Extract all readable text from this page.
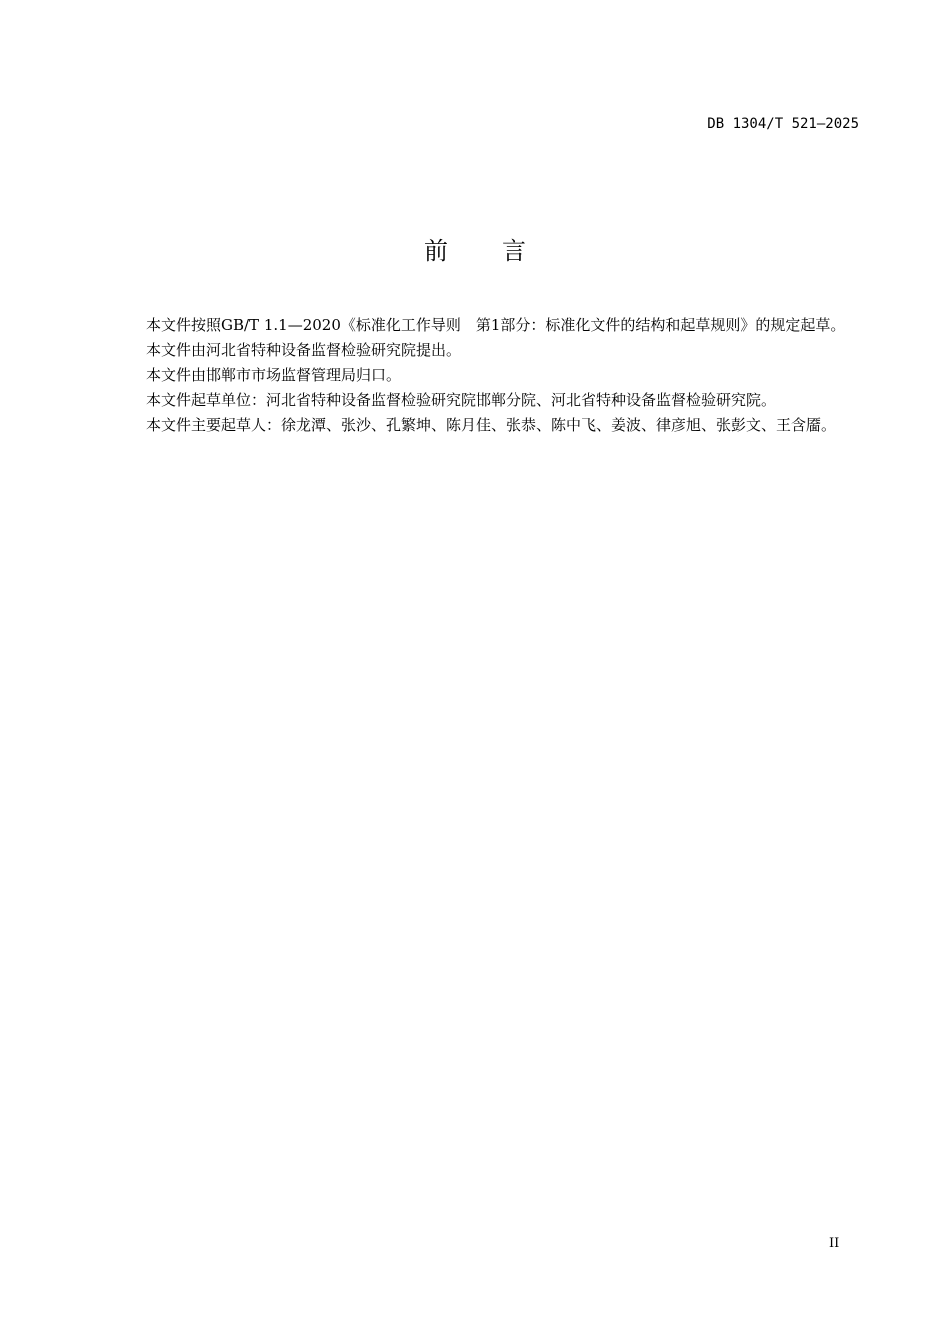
DB 1304/T 521—2025
前言

本文件按照GB/T 1.1—2020《标准化工作导则　第1部分：标准化文件的结构和起草规则》的规定起草。

本文件由河北省特种设备监督检验研究院提出。

本文件由邯郸市市场监督管理局归口。

本文件起草单位：河北省特种设备监督检验研究院邯郸分院、河北省特种设备监督检验研究院。

本文件主要起草人：徐龙潭、张沙、孔繁坤、陈月佳、张恭、陈中飞、姜波、律彦旭、张彭文、王含靥。

II
